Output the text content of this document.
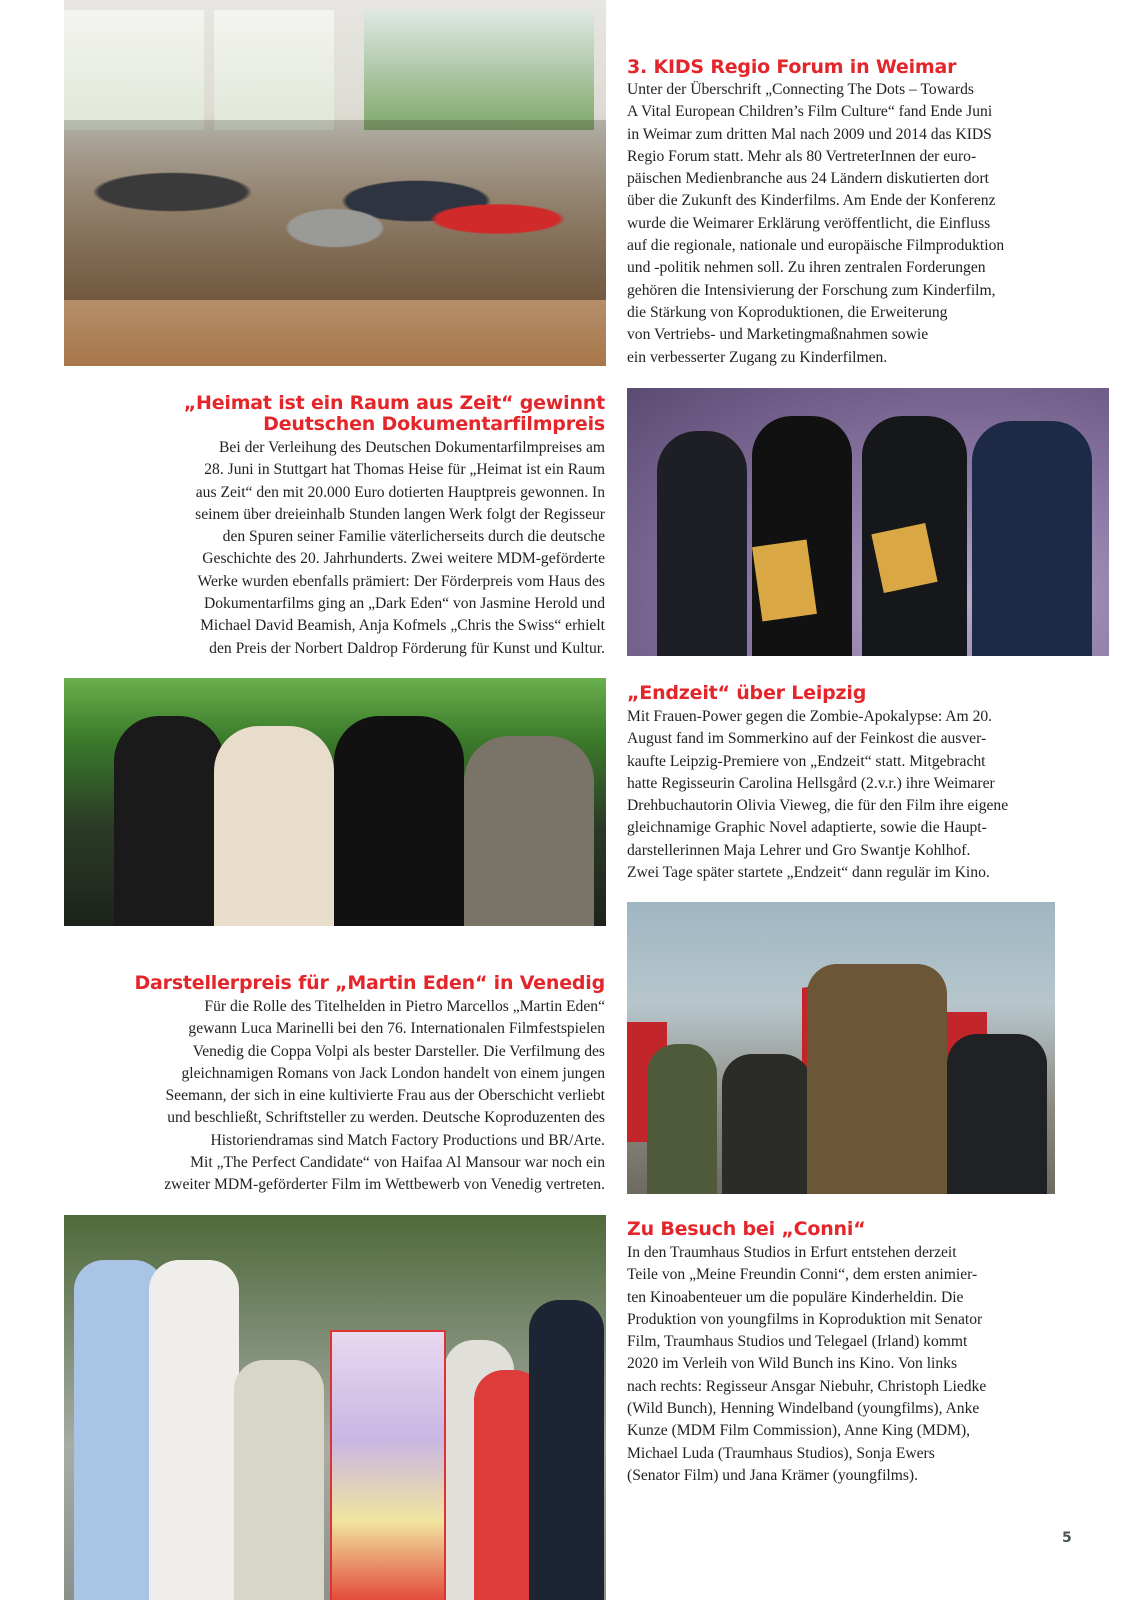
3. KIDS Regio Forum in Weimar
Unter der Überschrift „Connecting The Dots – Towards
A Vital European Children’s Film Culture“ fand Ende Juni
in Weimar zum dritten Mal nach 2009 und 2014 das KIDS
Regio Forum statt. Mehr als 80 VertreterInnen der euro-
päischen Medienbranche aus 24 Ländern diskutierten dort
über die Zukunft des Kinderfilms. Am Ende der Konferenz
wurde die Weimarer Erklärung veröffentlicht, die Einfluss
auf die regionale, nationale und europäische Filmproduktion
und -politik nehmen soll. Zu ihren zentralen Forderungen
gehören die Intensivierung der Forschung zum Kinderfilm,
die Stärkung von Koproduktionen, die Erweiterung
von Vertriebs- und Marketingmaßnahmen sowie
ein verbesserter Zugang zu Kinderfilmen.
„Heimat ist ein Raum aus Zeit“ gewinnt
Deutschen Dokumentarfilmpreis
Bei der Verleihung des Deutschen Dokumentarfilmpreises am
28. Juni in Stuttgart hat Thomas Heise für „Heimat ist ein Raum
aus Zeit“ den mit 20.000 Euro dotierten Hauptpreis gewonnen. In
seinem über dreieinhalb Stunden langen Werk folgt der Regisseur
den Spuren seiner Familie väterlicherseits durch die deutsche
Geschichte des 20. Jahrhunderts. Zwei weitere MDM-geförderte
Werke wurden ebenfalls prämiert: Der Förderpreis vom Haus des
Dokumentarfilms ging an „Dark Eden“ von Jasmine Herold und
Michael David Beamish, Anja Kofmels „Chris the Swiss“ erhielt
den Preis der Norbert Daldrop Förderung für Kunst und Kultur.
„Endzeit“ über Leipzig
Mit Frauen-Power gegen die Zombie-Apokalypse: Am 20.
August fand im Sommerkino auf der Feinkost die ausver-
kaufte Leipzig-Premiere von „Endzeit“ statt. Mitgebracht
hatte Regisseurin Carolina Hellsgård (2.v.r.) ihre Weimarer
Drehbuchautorin Olivia Vieweg, die für den Film ihre eigene
gleichnamige Graphic Novel adaptierte, sowie die Haupt-
darstellerinnen Maja Lehrer und Gro Swantje Kohlhof.
Zwei Tage später startete „Endzeit“ dann regulär im Kino.
Darstellerpreis für „Martin Eden“ in Venedig
Für die Rolle des Titelhelden in Pietro Marcellos „Martin Eden“
gewann Luca Marinelli bei den 76. Internationalen Filmfestspielen
Venedig die Coppa Volpi als bester Darsteller. Die Verfilmung des
gleichnamigen Romans von Jack London handelt von einem jungen
Seemann, der sich in eine kultivierte Frau aus der Oberschicht verliebt
und beschließt, Schriftsteller zu werden. Deutsche Koproduzenten des
Historiendramas sind Match Factory Productions und BR/Arte.
Mit „The Perfect Candidate“ von Haifaa Al Mansour war noch ein
zweiter MDM-geförderter Film im Wettbewerb von Venedig vertreten.
Zu Besuch bei „Conni“
In den Traumhaus Studios in Erfurt entstehen derzeit
Teile von „Meine Freundin Conni“, dem ersten animier-
ten Kinoabenteuer um die populäre Kinderheldin. Die
Produktion von youngfilms in Koproduktion mit Senator
Film, Traumhaus Studios und Telegael (Irland) kommt
2020 im Verleih von Wild Bunch ins Kino. Von links
nach rechts: Regisseur Ansgar Niebuhr, Christoph Liedke
(Wild Bunch), Henning Windelband (youngfilms), Anke
Kunze (MDM Film Commission), Anne King (MDM),
Michael Luda (Traumhaus Studios), Sonja Ewers
(Senator Film) und Jana Krämer (youngfilms).
5
